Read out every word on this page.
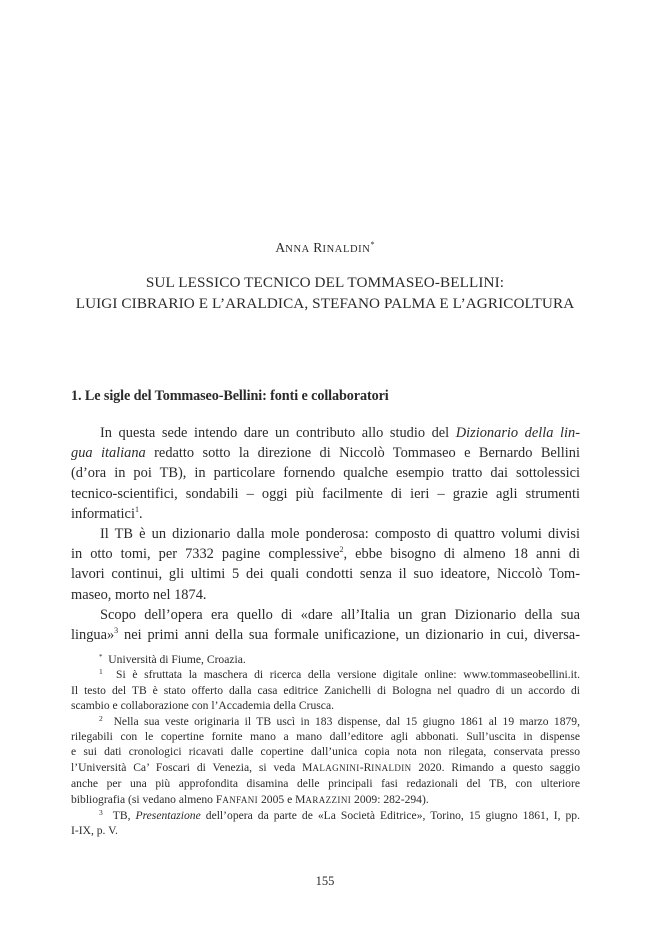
ANNA RINALDIN*
SUL LESSICO TECNICO DEL TOMMASEO-BELLINI:
LUIGI CIBRARIO E L’ARALDICA, STEFANO PALMA E L’AGRICOLTURA
1. Le sigle del Tommaseo-Bellini: fonti e collaboratori

In questa sede intendo dare un contributo allo studio del Dizionario della lin-
gua italiana redatto sotto la direzione di Niccolò Tommaseo e Bernardo Bellini
(d’ora in poi TB), in particolare fornendo qualche esempio tratto dai sottolessici
tecnico-scientifici, sondabili – oggi più facilmente di ieri – grazie agli strumenti
informatici$^1$.

Il TB è un dizionario dalla mole ponderosa: composto di quattro volumi divisi
in otto tomi, per 7332 pagine complessive$^2$, ebbe bisogno di almeno 18 anni di
lavori continui, gli ultimi 5 dei quali condotti senza il suo ideatore, Niccolò Tom-
maseo, morto nel 1874.

Scopo dell’opera era quello di «dare all’Italia un gran Dizionario della sua
lingua»$^3$ nei primi anni della sua formale unificazione, un dizionario in cui, diversa-

* Università di Fiume, Croazia.
$^1$ Si è sfruttata la maschera di ricerca della versione digitale online: www.tommaseobellini.it.
Il testo del TB è stato offerto dalla casa editrice Zanichelli di Bologna nel quadro di un accordo di
scambio e collaborazione con l’Accademia della Crusca.
$^2$ Nella sua veste originaria il TB uscì in 183 dispense, dal 15 giugno 1861 al 19 marzo 1879,
rilegabili con le copertine fornite mano a mano dall’editore agli abbonati. Sull’uscita in dispense
e sui dati cronologici ricavati dalle copertine dall’unica copia nota non rilegata, conservata presso
l’Università Ca’ Foscari di Venezia, si veda MALAGNINI-RINALDIN 2020. Rimando a questo saggio
anche per una più approfondita disamina delle principali fasi redazionali del TB, con ulteriore
bibliografia (si vedano almeno FANFANI 2005 e MARAZZINI 2009: 282-294).
$^3$ TB, Presentazione dell’opera da parte de «La Società Editrice», Torino, 15 giugno 1861, I, pp.
I-IX, p. V.
155
